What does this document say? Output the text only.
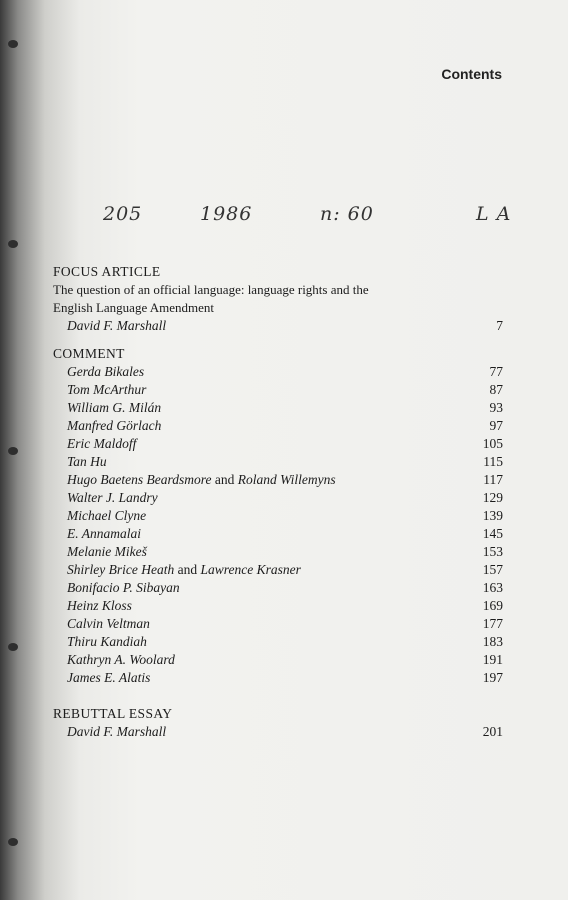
Contents
205	1986	n: 60	L A
FOCUS ARTICLE
The question of an official language: language rights and the
English Language Amendment
David F. Marshall	7
COMMENT
Gerda Bikales	77
Tom McArthur	87
William G. Milán	93
Manfred Görlach	97
Eric Maldoff	105
Tan Hu	115
Hugo Baetens Beardsmore and Roland Willemyns	117
Walter J. Landry	129
Michael Clyne	139
E. Annamalai	145
Melanie Mikeš	153
Shirley Brice Heath and Lawrence Krasner	157
Bonifacio P. Sibayan	163
Heinz Kloss	169
Calvin Veltman	177
Thiru Kandiah	183
Kathryn A. Woolard	191
James E. Alatis	197
REBUTTAL ESSAY
David F. Marshall	201
